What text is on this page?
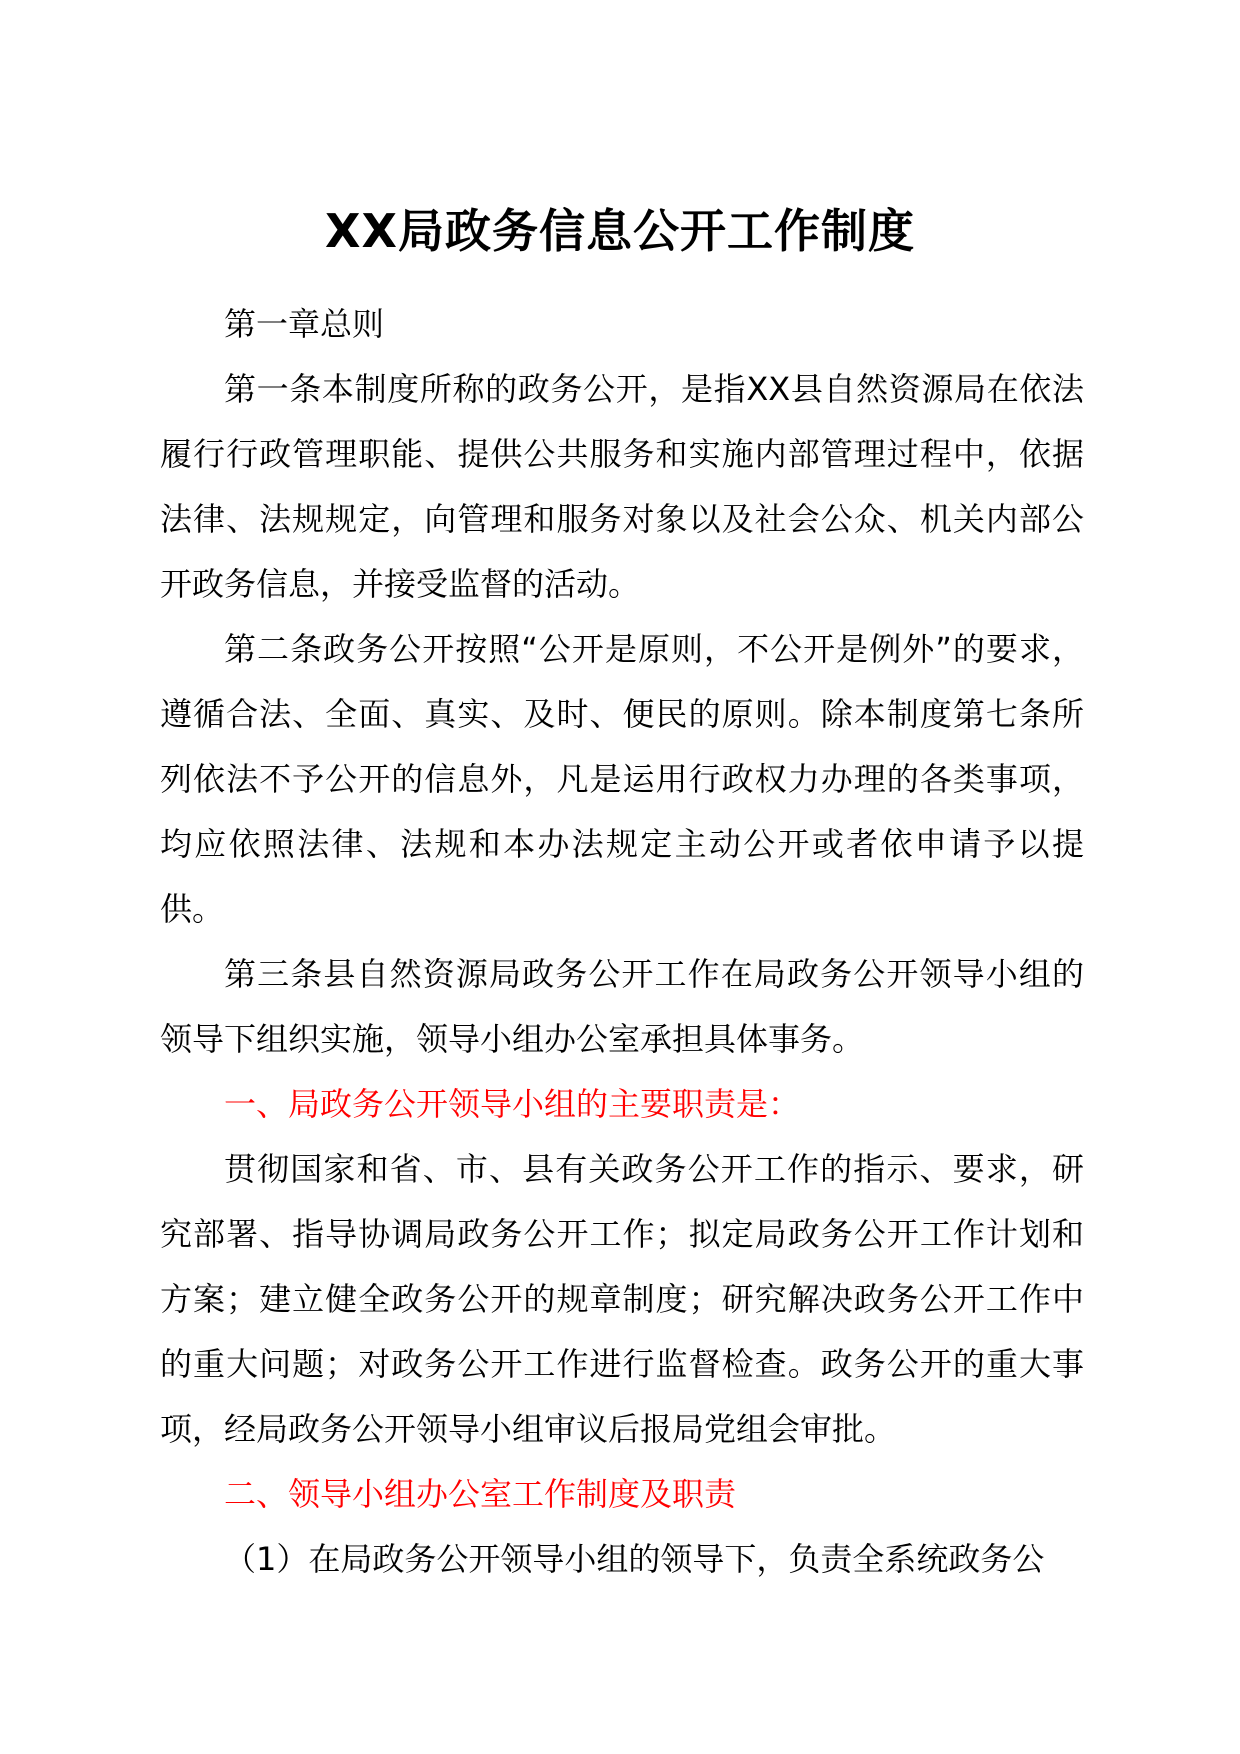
XX局政务信息公开工作制度

第一章总则

第一条本制度所称的政务公开，是指XX县自然资源局在依法履行行政管理职能、提供公共服务和实施内部管理过程中，依据法律、法规规定，向管理和服务对象以及社会公众、机关内部公开政务信息，并接受监督的活动。

第二条政务公开按照“公开是原则，不公开是例外”的要求，遵循合法、全面、真实、及时、便民的原则。除本制度第七条所列依法不予公开的信息外，凡是运用行政权力办理的各类事项，均应依照法律、法规和本办法规定主动公开或者依申请予以提供。

第三条县自然资源局政务公开工作在局政务公开领导小组的领导下组织实施，领导小组办公室承担具体事务。

一、局政务公开领导小组的主要职责是：

贯彻国家和省、市、县有关政务公开工作的指示、要求，研究部署、指导协调局政务公开工作；拟定局政务公开工作计划和方案；建立健全政务公开的规章制度；研究解决政务公开工作中的重大问题；对政务公开工作进行监督检查。政务公开的重大事项，经局政务公开领导小组审议后报局党组会审批。

二、领导小组办公室工作制度及职责

（1）在局政务公开领导小组的领导下，负责全系统政务公
